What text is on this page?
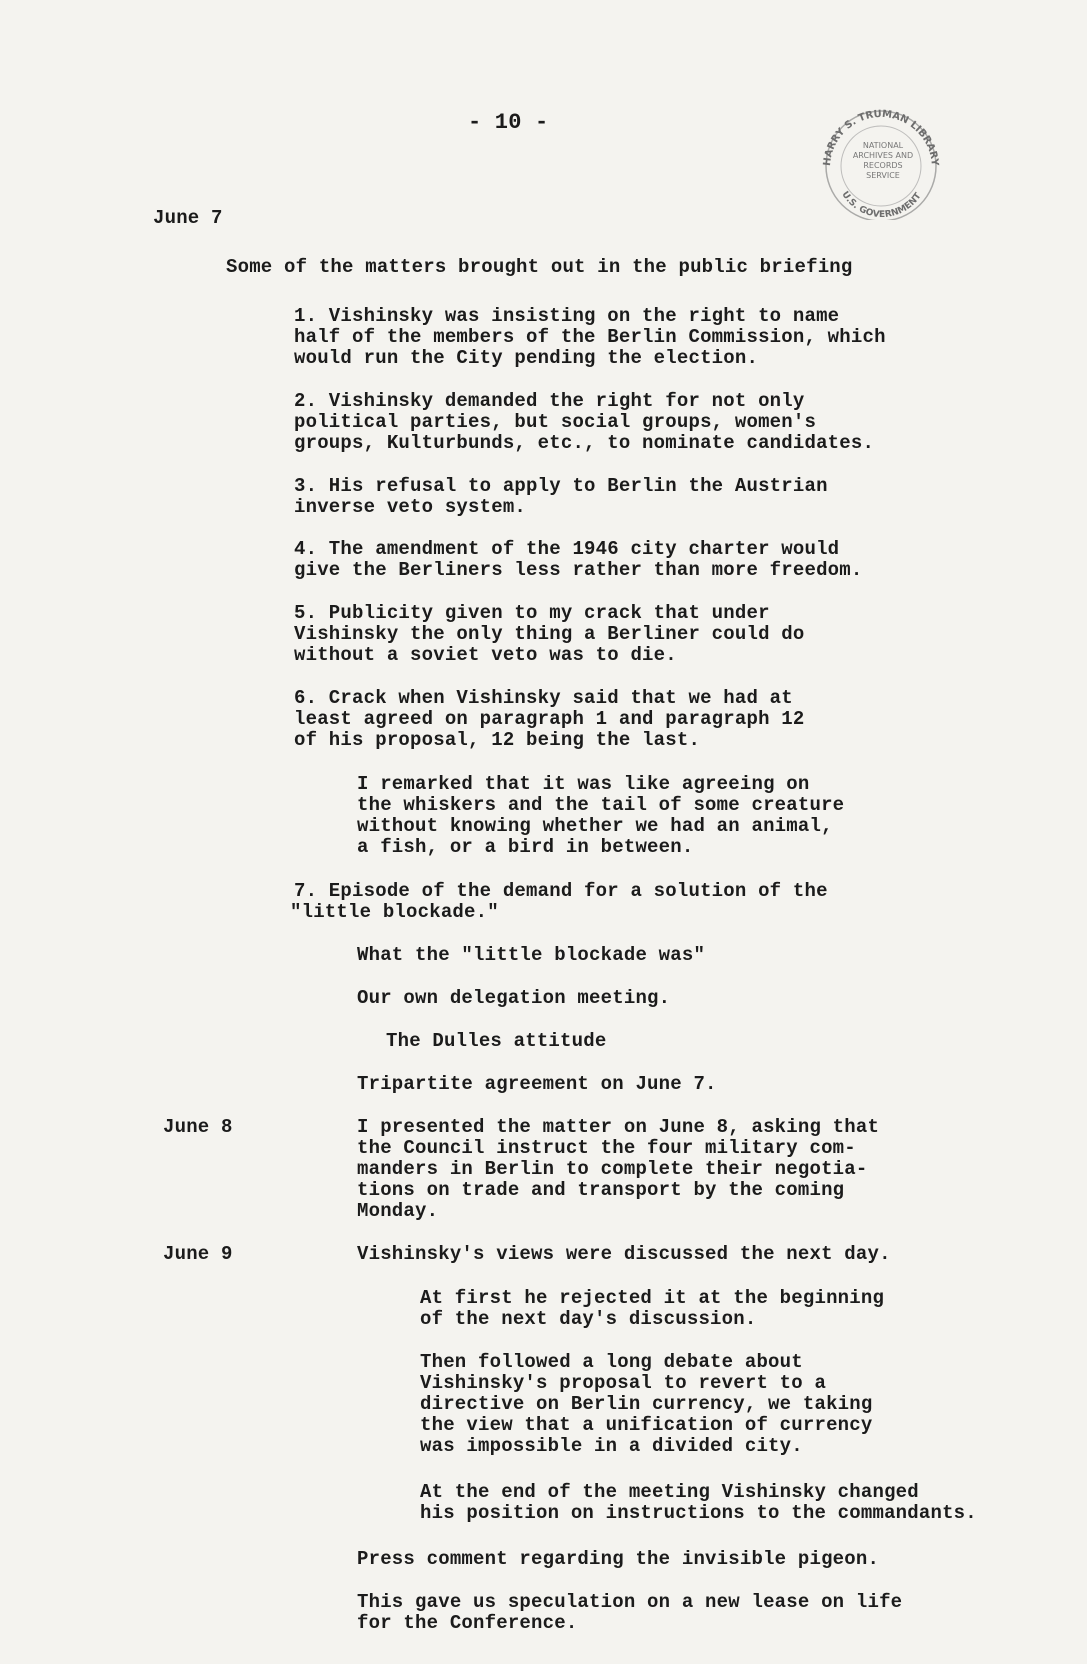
- 10 -

HARRY S. TRUMAN LIBRARY
U.S. GOVERNMENT
NATIONAL
ARCHIVES AND
RECORDS
SERVICE

June 7

Some of the matters brought out in the public briefing

1. Vishinsky was insisting on the right to name

half of the members of the Berlin Commission, which

would run the City pending the election.

2. Vishinsky demanded the right for not only

political parties, but social groups, women's

groups, Kulturbunds, etc., to nominate candidates.

3. His refusal to apply to Berlin the Austrian

inverse veto system.

4. The amendment of the 1946 city charter would

give the Berliners less rather than more freedom.

5. Publicity given to my crack that under

Vishinsky the only thing a Berliner could do

without a soviet veto was to die.

6. Crack when Vishinsky said that we had at

least agreed on paragraph 1 and paragraph 12

of his proposal, 12 being the last.

I remarked that it was like agreeing on

the whiskers and the tail of some creature

without knowing whether we had an animal,

a fish, or a bird in between.

7. Episode of the demand for a solution of the

"little blockade."

What the "little blockade was"

Our own delegation meeting.

The Dulles attitude

Tripartite agreement on June 7.

June 8	I presented the matter on June 8, asking that

the Council instruct the four military com-

manders in Berlin to complete their negotia-

tions on trade and transport by the coming

Monday.

June 9	Vishinsky's views were discussed the next day.

At first he rejected it at the beginning

of the next day's discussion.

Then followed a long debate about

Vishinsky's proposal to revert to a

directive on Berlin currency, we taking

the view that a unification of currency

was impossible in a divided city.

At the end of the meeting Vishinsky changed

his position on instructions to the commandants.

Press comment regarding the invisible pigeon.

This gave us speculation on a new lease on life

for the Conference.
